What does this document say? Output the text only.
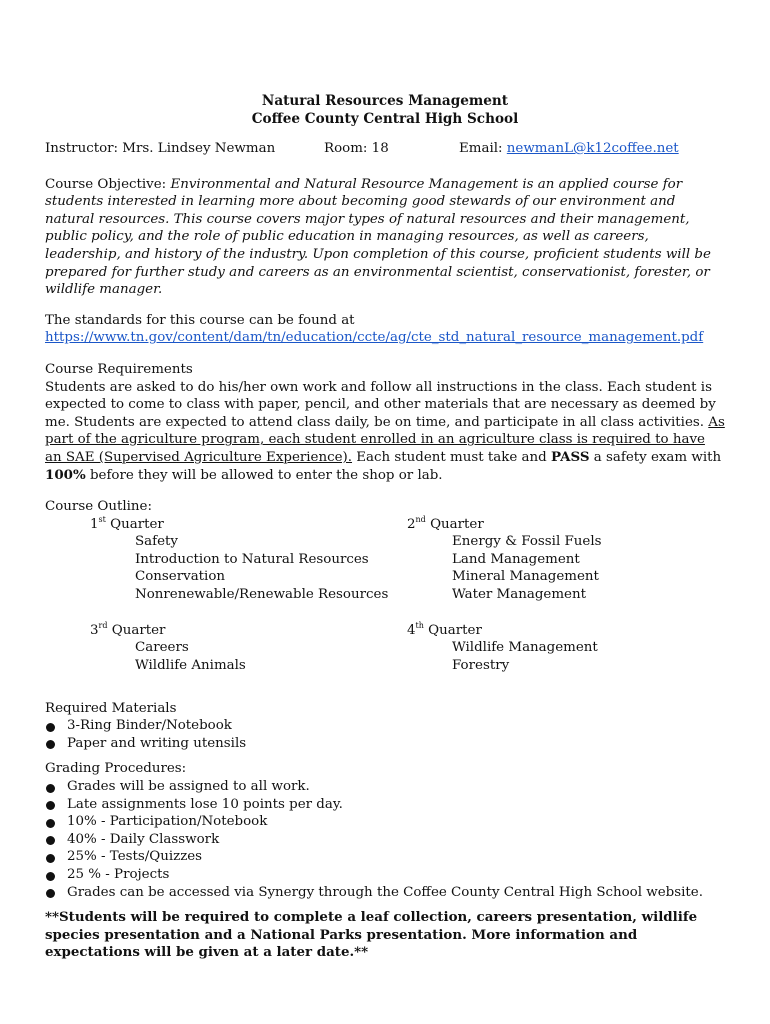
Natural Resources Management
Coffee County Central High School
Instructor: Mrs. Lindsey Newman	Room: 18	Email: newmanL@k12coffee.net
Course Objective: Environmental and Natural Resource Management is an applied course for students interested in learning more about becoming good stewards of our environment and natural resources. This course covers major types of natural resources and their management, public policy, and the role of public education in managing resources, as well as careers, leadership, and history of the industry. Upon completion of this course, proficient students will be prepared for further study and careers as an environmental scientist, conservationist, forester, or wildlife manager.
The standards for this course can be found at
https://www.tn.gov/content/dam/tn/education/ccte/ag/cte_std_natural_resource_management.pdf
Course Requirements
Students are asked to do his/her own work and follow all instructions in the class. Each student is expected to come to class with paper, pencil, and other materials that are necessary as deemed by me. Students are expected to attend class daily, be on time, and participate in all class activities. As part of the agriculture program, each student enrolled in an agriculture class is required to have an SAE (Supervised Agriculture Experience). Each student must take and PASS a safety exam with 100% before they will be allowed to enter the shop or lab.
Course Outline:
1st Quarter
Safety
Introduction to Natural Resources
Conservation
Nonrenewable/Renewable Resources
2nd Quarter
Energy & Fossil Fuels
Land Management
Mineral Management
Water Management
3rd Quarter
Careers
Wildlife Animals
4th Quarter
Wildlife Management
Forestry
Required Materials
3-Ring Binder/Notebook
Paper and writing utensils
Grading Procedures:
Grades will be assigned to all work.
Late assignments lose 10 points per day.
10% - Participation/Notebook
40% - Daily Classwork
25% - Tests/Quizzes
25 % - Projects
Grades can be accessed via Synergy through the Coffee County Central High School website.
**Students will be required to complete a leaf collection, careers presentation, wildlife species presentation and a National Parks presentation. More information and expectations will be given at a later date.**
